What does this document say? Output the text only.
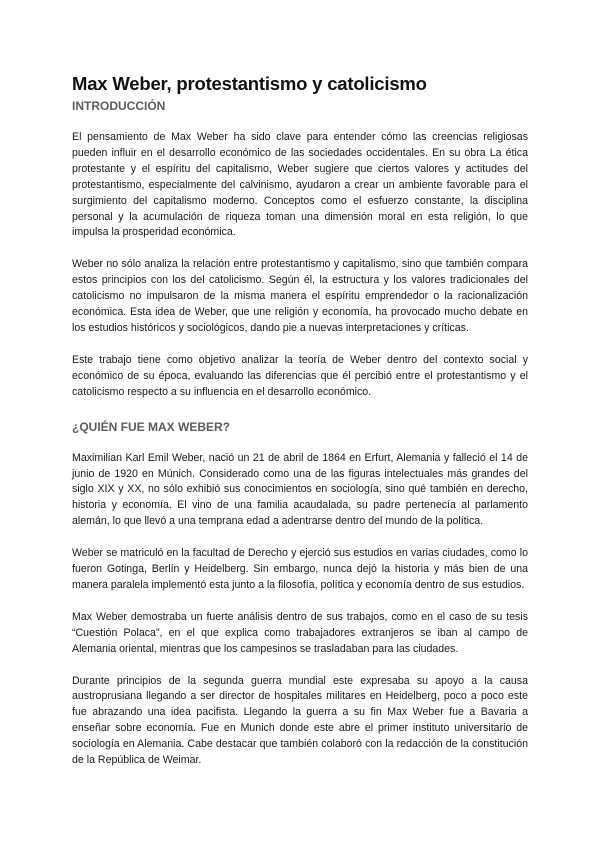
Max Weber, protestantismo y catolicismo
INTRODUCCIÓN

El pensamiento de Max Weber ha sido clave para entender cómo las creencias religiosas pueden influir en el desarrollo económico de las sociedades occidentales. En su obra La ética protestante y el espíritu del capitalismo, Weber sugiere que ciertos valores y actitudes del protestantismo, especialmente del calvinismo, ayudaron a crear un ambiente favorable para el surgimiento del capitalismo moderno. Conceptos como el esfuerzo constante, la disciplina personal y la acumulación de riqueza toman una dimensión moral en esta religión, lo que impulsa la prosperidad económica.

Weber no sólo analiza la relación entre protestantismo y capitalismo, sino que también compara estos principios con los del catolicismo. Según él, la estructura y los valores tradicionales del catolicismo no impulsaron de la misma manera el espíritu emprendedor o la racionalización económica. Esta idea de Weber, que une religión y economía, ha provocado mucho debate en los estudios históricos y sociológicos, dando pie a nuevas interpretaciones y críticas.

Este trabajo tiene como objetivo analizar la teoría de Weber dentro del contexto social y económico de su época, evaluando las diferencias que él percibió entre el protestantismo y el catolicismo respecto a su influencia en el desarrollo económico.

¿QUIÉN FUE MAX WEBER?

Maximilian Karl Emil Weber, nació un 21 de abril de 1864 en Erfurt, Alemania y falleció el 14 de junio de 1920 en Múnich. Considerado como una de las figuras intelectuales más grandes del siglo XIX y XX, no sólo exhibió sus conocimientos en sociología, sino qué también en derecho, historia y economía. El vino de una familia acaudalada, su padre pertenecía al parlamento alemán, lo que llevó a una temprana edad a adentrarse dentro del mundo de la política.

Weber se matriculó en la facultad de Derecho y ejerció sus estudios en varias ciudades, como lo fueron Gotinga, Berlín y Heidelberg. Sin embargo, nunca dejó la historia y más bien de una manera paralela implementó esta junto a la filosofía, política y economía dentro de sus estudios.

Max Weber demostraba un fuerte análisis dentro de sus trabajos, como en el caso de su tesis “Cuestión Polaca”, en el que explica como trabajadores extranjeros se iban al campo de Alemania oriental, mientras que los campesinos se trasladaban para las ciudades.

Durante principios de la segunda guerra mundial este expresaba su apoyo a la causa austroprusiana llegando a ser director de hospitales militares en Heidelberg, poco a poco este fue abrazando una idea pacifista. Llegando la guerra a su fin Max Weber fue a Bavaria a enseñar sobre economía. Fue en Munich donde este abre el primer instituto universitario de sociología en Alemania. Cabe destacar que también colaboró con la redacción de la constitución de la República de Weimar.
